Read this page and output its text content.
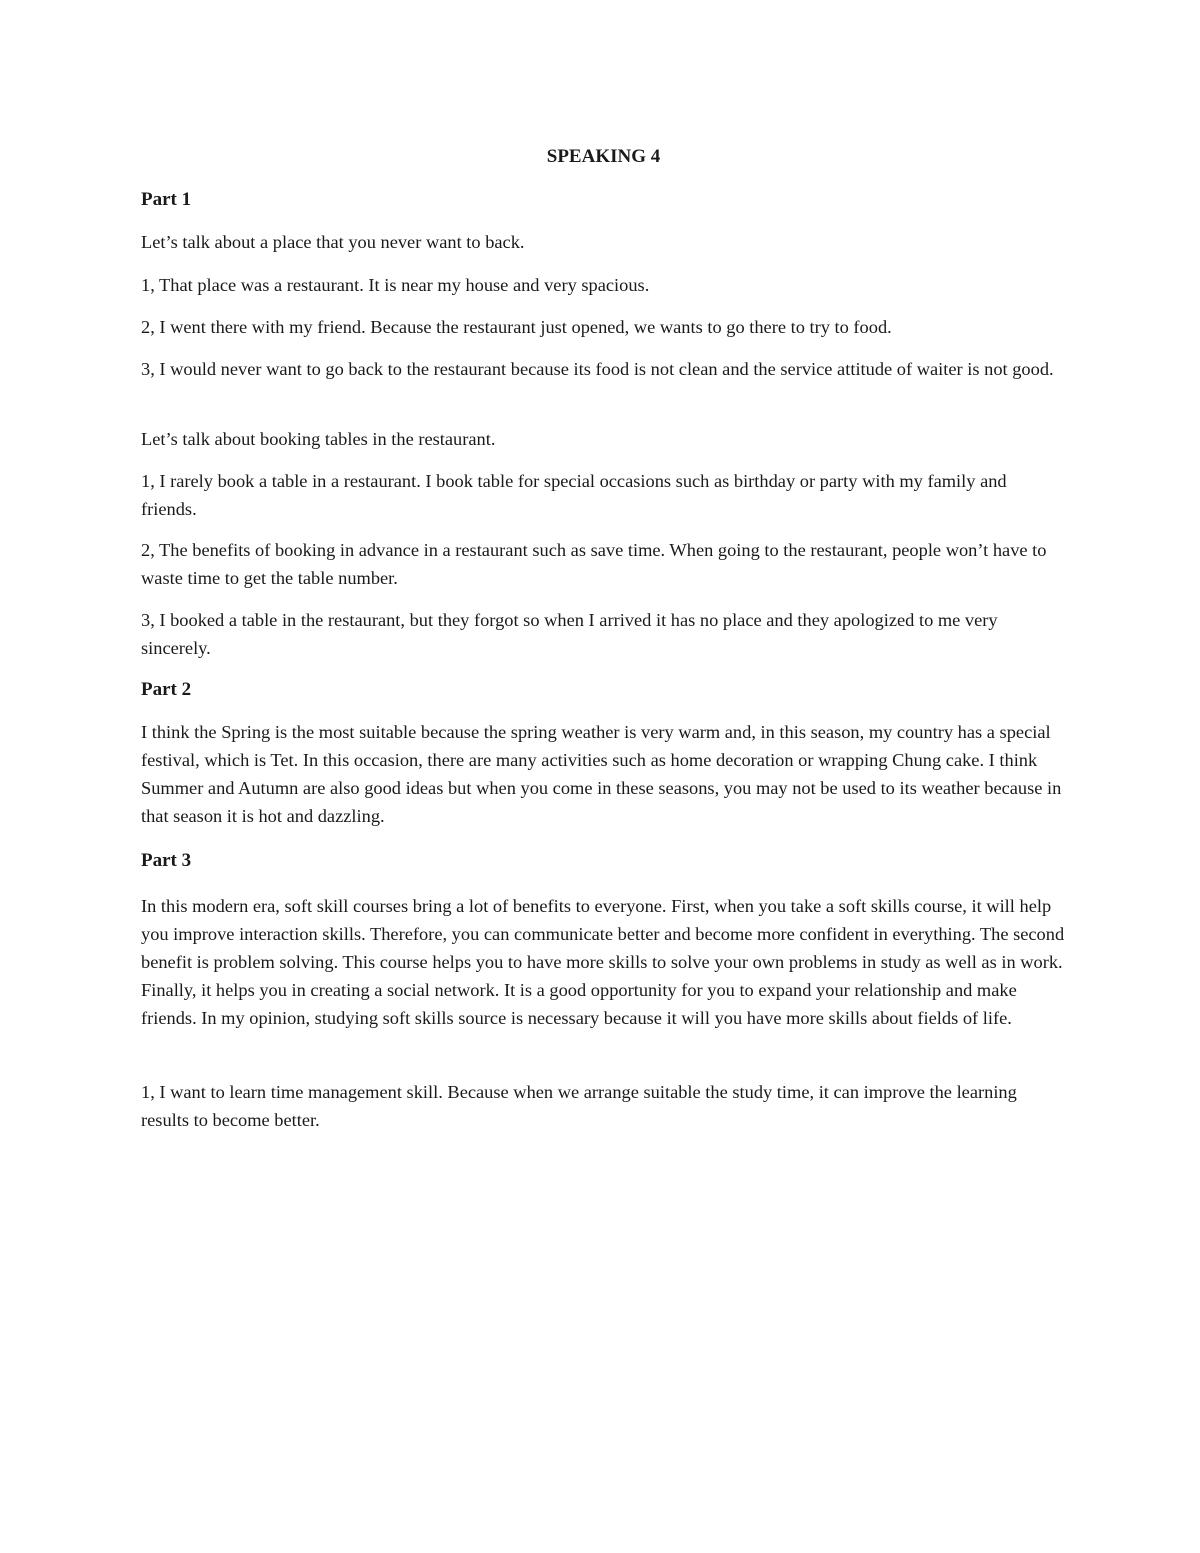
SPEAKING 4
Part 1

Let’s talk about a place that you never want to back.

1, That place was a restaurant. It is near my house and very spacious.

2, I went there with my friend. Because the restaurant just opened, we wants to go there to try to food.

3, I would never want to go back to the restaurant because its food is not clean and the service attitude of waiter is not good.

Let’s talk about booking tables in the restaurant.

1, I rarely book a table in a restaurant. I book table for special occasions such as birthday or party with my family and friends.

2, The benefits of booking in advance in a restaurant such as save time. When going to the restaurant, people won’t have to waste time to get the table number.

3, I booked a table in the restaurant, but they forgot so when I arrived it has no place and they apologized to me very sincerely.

Part 2

I think the Spring is the most suitable because the spring weather is very warm and, in this season, my country has a special festival, which is Tet. In this occasion, there are many activities such as home decoration or wrapping Chung cake. I think Summer and Autumn are also good ideas but when you come in these seasons, you may not be used to its weather because in that season it is hot and dazzling.

Part 3

In this modern era, soft skill courses bring a lot of benefits to everyone. First, when you take a soft skills course, it will help you improve interaction skills. Therefore, you can communicate better and become more confident in everything. The second benefit is problem solving. This course helps you to have more skills to solve your own problems in study as well as in work. Finally, it helps you in creating a social network. It is a good opportunity for you to expand your relationship and make friends. In my opinion, studying soft skills source is necessary because it will you have more skills about fields of life.

1, I want to learn time management skill. Because when we arrange suitable the study time, it can improve the learning results to become better.
